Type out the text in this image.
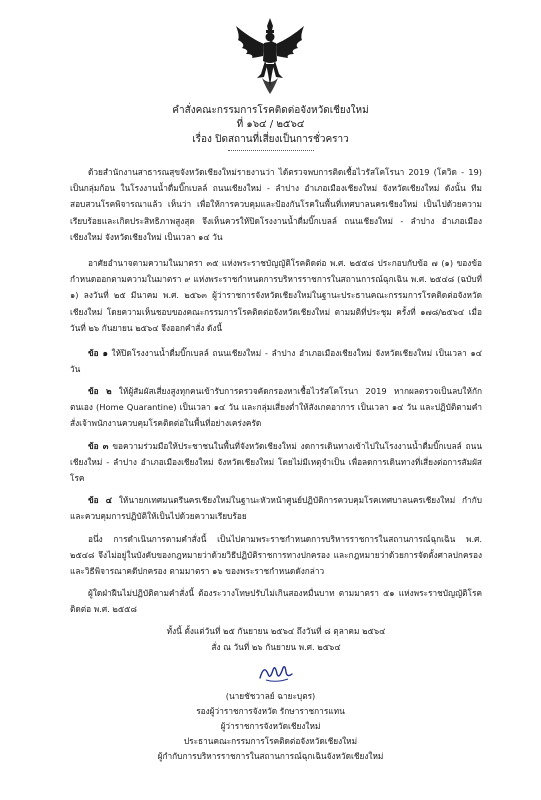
คำสั่งคณะกรรมการโรคติดต่อจังหวัดเชียงใหม่
ที่ ๑๖๔ / ๒๕๖๔
เรื่อง ปิดสถานที่เสี่ยงเป็นการชั่วคราว
ด้วยสำนักงานสาธารณสุขจังหวัดเชียงใหม่รายงานว่า ได้ตรวจพบการติดเชื้อไวรัสโคโรนา 2019 (โควิด - 19) เป็นกลุ่มก้อน ในโรงงานน้ำดื่มบิ๊กเบลล์ ถนนเชียงใหม่ - ลำปาง อำเภอเมืองเชียงใหม่ จังหวัดเชียงใหม่ ดังนั้น ทีมสอบสวนโรคพิจารณาแล้ว เห็นว่า เพื่อให้การควบคุมและป้องกันโรคในพื้นที่เทศบาลนครเชียงใหม่ เป็นไปด้วยความเรียบร้อยและเกิดประสิทธิภาพสูงสุด จึงเห็นควรให้ปิดโรงงานน้ำดื่มบิ๊กเบลล์ ถนนเชียงใหม่ - ลำปาง อำเภอเมืองเชียงใหม่ จังหวัดเชียงใหม่ เป็นเวลา ๑๔ วัน
อาศัยอำนาจตามความในมาตรา ๓๕ แห่งพระราชบัญญัติโรคติดต่อ พ.ศ. ๒๕๕๘ ประกอบกับข้อ ๗ (๑) ของข้อกำหนดออกตามความในมาตรา ๙ แห่งพระราชกำหนดการบริหารราชการในสถานการณ์ฉุกเฉิน พ.ศ. ๒๕๔๘ (ฉบับที่ ๑) ลงวันที่ ๒๕ มีนาคม พ.ศ. ๒๕๖๓ ผู้ว่าราชการจังหวัดเชียงใหม่ในฐานะประธานคณะกรรมการโรคติดต่อจังหวัดเชียงใหม่ โดยความเห็นชอบของคณะกรรมการโรคติดต่อจังหวัดเชียงใหม่ ตามมติที่ประชุม ครั้งที่ ๑๗๘/๒๕๖๔ เมื่อวันที่ ๒๖ กันยายน ๒๕๖๔ จึงออกคำสั่ง ดังนี้
ข้อ ๑ ให้ปิดโรงงานน้ำดื่มบิ๊กเบลล์ ถนนเชียงใหม่ - ลำปาง อำเภอเมืองเชียงใหม่ จังหวัดเชียงใหม่ เป็นเวลา ๑๔ วัน
ข้อ ๒ ให้ผู้สัมผัสเสี่ยงสูงทุกคนเข้ารับการตรวจคัดกรองหาเชื้อไวรัสโคโรนา 2019 หากผลตรวจเป็นลบให้กักตนเอง (Home Quarantine) เป็นเวลา ๑๔ วัน และกลุ่มเสี่ยงต่ำให้สังเกตอาการ เป็นเวลา ๑๔ วัน และปฏิบัติตามคำสั่งเจ้าพนักงานควบคุมโรคติดต่อในพื้นที่อย่างเคร่งครัด
ข้อ ๓ ขอความร่วมมือให้ประชาชนในพื้นที่จังหวัดเชียงใหม่ งดการเดินทางเข้าไปในโรงงานน้ำดื่มบิ๊กเบลล์ ถนนเชียงใหม่ - ลำปาง อำเภอเมืองเชียงใหม่ จังหวัดเชียงใหม่ โดยไม่มีเหตุจำเป็น เพื่อลดการเดินทางที่เสี่ยงต่อการสัมผัสโรค
ข้อ ๔ ให้นายกเทศมนตรีนครเชียงใหม่ในฐานะหัวหน้าศูนย์ปฏิบัติการควบคุมโรคเทศบาลนครเชียงใหม่ กำกับและควบคุมการปฏิบัติให้เป็นไปด้วยความเรียบร้อย
อนึ่ง การดำเนินการตามคำสั่งนี้ เป็นไปตามพระราชกำหนดการบริหารราชการในสถานการณ์ฉุกเฉิน พ.ศ. ๒๕๔๘ จึงไม่อยู่ในบังคับของกฎหมายว่าด้วยวิธีปฏิบัติราชการทางปกครอง และกฎหมายว่าด้วยการจัดตั้งศาลปกครองและวิธีพิจารณาคดีปกครอง ตามมาตรา ๑๖ ของพระราชกำหนดดังกล่าว
ผู้ใดฝ่าฝืนไม่ปฏิบัติตามคำสั่งนี้ ต้องระวางโทษปรับไม่เกินสองหมื่นบาท ตามมาตรา ๕๑ แห่งพระราชบัญญัติโรคติดต่อ พ.ศ. ๒๕๕๘
ทั้งนี้ ตั้งแต่วันที่ ๒๕ กันยายน ๒๕๖๔ ถึงวันที่ ๘ ตุลาคม ๒๕๖๔
สั่ง ณ วันที่ ๒๖ กันยายน พ.ศ. ๒๕๖๔
(นายชัชวาลย์ ฉายะบุตร)
รองผู้ว่าราชการจังหวัด รักษาราชการแทน
ผู้ว่าราชการจังหวัดเชียงใหม่
ประธานคณะกรรมการโรคติดต่อจังหวัดเชียงใหม่
ผู้กำกับการบริหารราชการในสถานการณ์ฉุกเฉินจังหวัดเชียงใหม่
